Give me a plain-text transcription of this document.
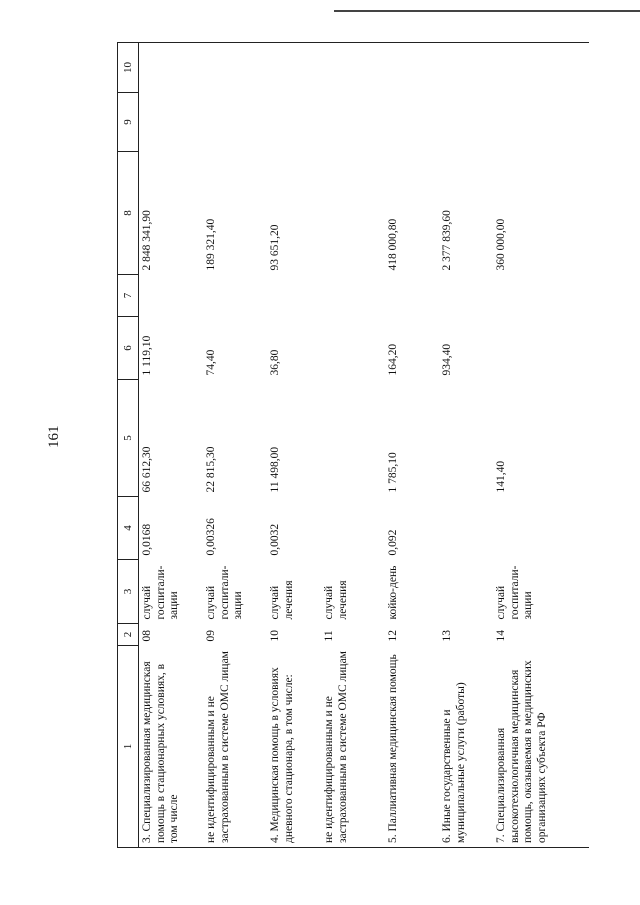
161
1	2	3	4	5	6	7	8	9	10
3. Специализированная медицинская помощь в стационарных условиях, в том числе	08	случай госпитали-зации	0,0168	66 612,30	1 119,10		2 848 341,90		
не идентифицированным и не застрахованным в системе ОМС лицам	09	случай госпитали-зации	0,00326	22 815,30	74,40		189 321,40		
4. Медицинская помощь в условиях дневного стационара, в том числе:	10	случай лечения	0,0032	11 498,00	36,80		93 651,20		
не идентифицированным и не застрахованным в системе ОМС лицам	11	случай лечения							
5. Паллиативная медицинская помощь	12	койко-день	0,092	1 785,10	164,20		418 000,80		
6. Иные государственные и муниципальные услуги (работы)	13				934,40		2 377 839,60		
7. Специализированная высокотехнологичная медицинская помощь, оказываемая в медицинских организациях субъекта РФ	14	случай госпитали-зации		141,40			360 000,00		
